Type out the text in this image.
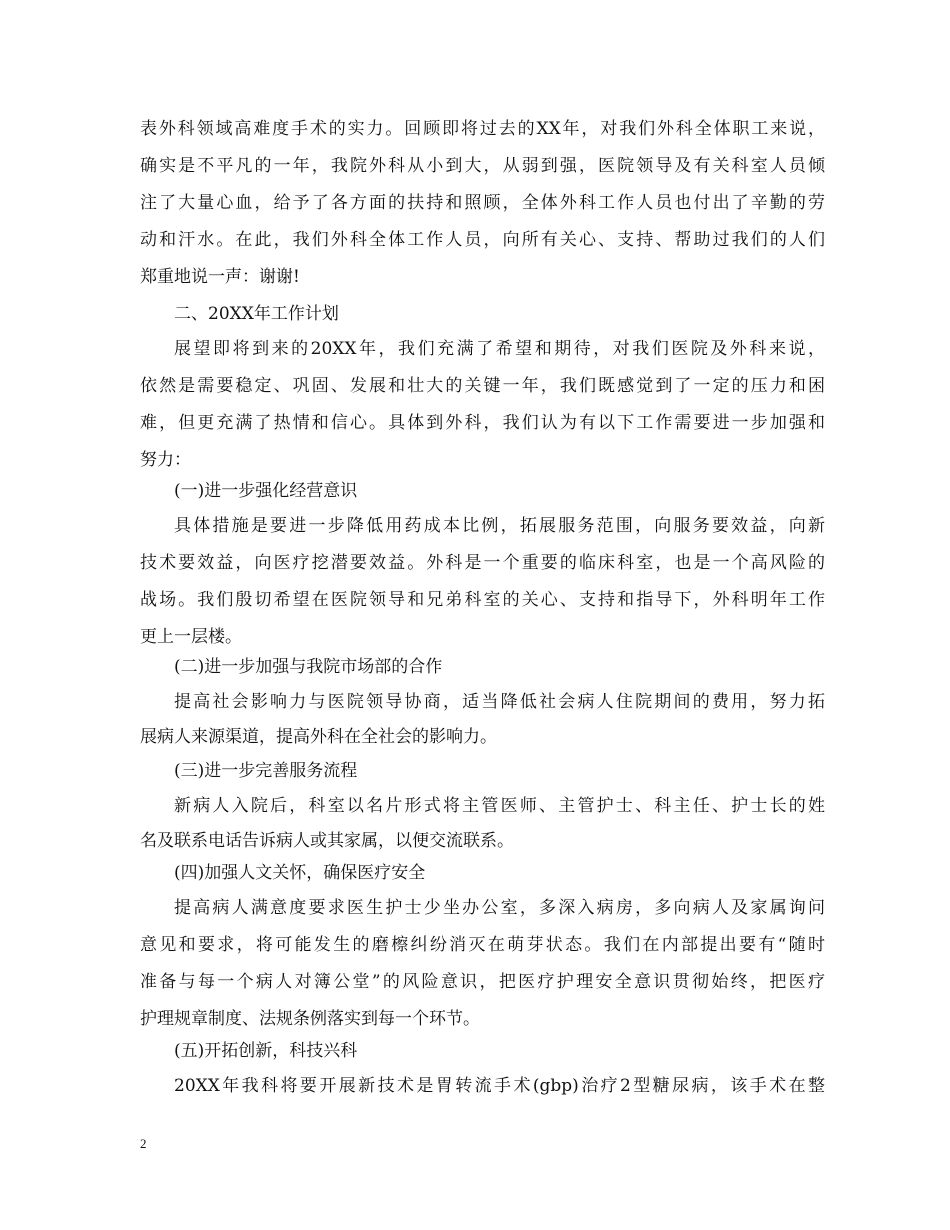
表外科领域高难度手术的实力。回顾即将过去的XX年，对我们外科全体职工来说，
确实是不平凡的一年，我院外科从小到大，从弱到强，医院领导及有关科室人员倾
注了大量心血，给予了各方面的扶持和照顾，全体外科工作人员也付出了辛勤的劳
动和汗水。在此，我们外科全体工作人员，向所有关心、支持、帮助过我们的人们
郑重地说一声：谢谢!
二、20XX年工作计划
展望即将到来的20XX年，我们充满了希望和期待，对我们医院及外科来说，
依然是需要稳定、巩固、发展和壮大的关键一年，我们既感觉到了一定的压力和困
难，但更充满了热情和信心。具体到外科，我们认为有以下工作需要进一步加强和
努力：
(一)进一步强化经营意识
具体措施是要进一步降低用药成本比例，拓展服务范围，向服务要效益，向新
技术要效益，向医疗挖潜要效益。外科是一个重要的临床科室，也是一个高风险的
战场。我们殷切希望在医院领导和兄弟科室的关心、支持和指导下，外科明年工作
更上一层楼。
(二)进一步加强与我院市场部的合作
提高社会影响力与医院领导协商，适当降低社会病人住院期间的费用，努力拓
展病人来源渠道，提高外科在全社会的影响力。
(三)进一步完善服务流程
新病人入院后，科室以名片形式将主管医师、主管护士、科主任、护士长的姓
名及联系电话告诉病人或其家属，以便交流联系。
(四)加强人文关怀，确保医疗安全
提高病人满意度要求医生护士少坐办公室，多深入病房，多向病人及家属询问
意见和要求，将可能发生的磨檫纠纷消灭在萌芽状态。我们在内部提出要有“随时
准备与每一个病人对簿公堂”的风险意识，把医疗护理安全意识贯彻始终，把医疗
护理规章制度、法规条例落实到每一个环节。
(五)开拓创新，科技兴科
20XX年我科将要开展新技术是胃转流手术(gbp)治疗2型糖尿病，该手术在整
2
